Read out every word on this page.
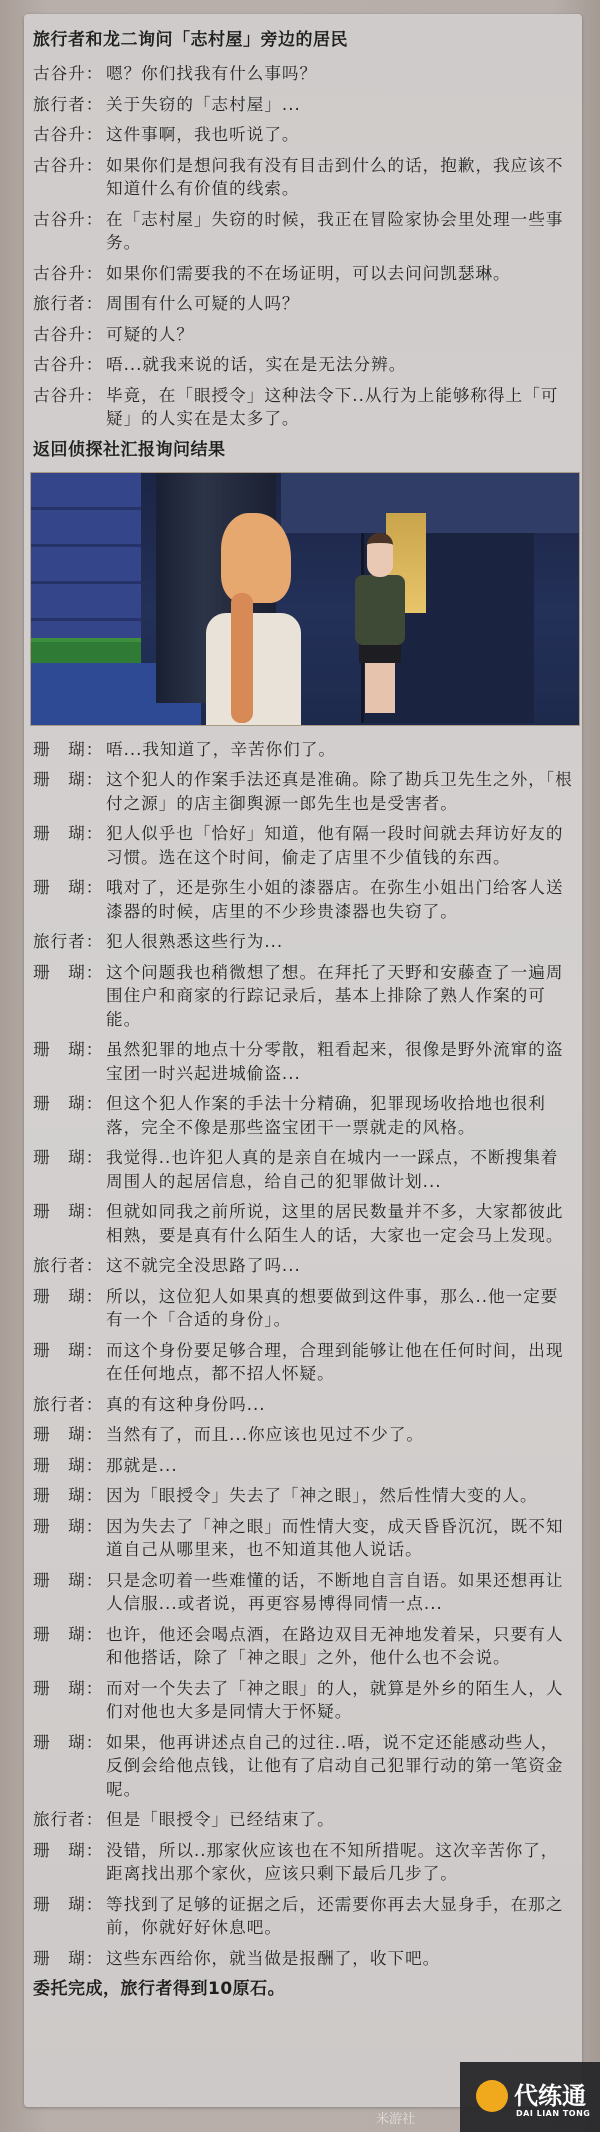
旅行者和龙二询问「志村屋」旁边的居民
古谷升： 嗯？你们找我有什么事吗？
旅行者： 关于失窃的「志村屋」...
古谷升： 这件事啊，我也听说了。
古谷升： 如果你们是想问我有没有目击到什么的话，抱歉，我应该不知道什么有价值的线索。
古谷升： 在「志村屋」失窃的时候，我正在冒险家协会里处理一些事务。
古谷升： 如果你们需要我的不在场证明，可以去问问凯瑟琳。
旅行者： 周围有什么可疑的人吗？
古谷升： 可疑的人？
古谷升： 唔...就我来说的话，实在是无法分辨。
古谷升： 毕竟，在「眼授令」这种法令下..从行为上能够称得上「可疑」的人实在是太多了。
返回侦探社汇报询问结果
珊　瑚： 唔...我知道了，辛苦你们了。
珊　瑚： 这个犯人的作案手法还真是准确。除了勘兵卫先生之外，「根付之源」的店主御舆源一郎先生也是受害者。
珊　瑚： 犯人似乎也「恰好」知道，他有隔一段时间就去拜访好友的习惯。选在这个时间，偷走了店里不少值钱的东西。
珊　瑚： 哦对了，还是弥生小姐的漆器店。在弥生小姐出门给客人送漆器的时候，店里的不少珍贵漆器也失窃了。
旅行者： 犯人很熟悉这些行为...
珊　瑚： 这个问题我也稍微想了想。在拜托了天野和安藤查了一遍周围住户和商家的行踪记录后，基本上排除了熟人作案的可能。
珊　瑚： 虽然犯罪的地点十分零散，粗看起来，很像是野外流窜的盗宝团一时兴起进城偷盗...
珊　瑚： 但这个犯人作案的手法十分精确，犯罪现场收拾地也很利落，完全不像是那些盗宝团干一票就走的风格。
珊　瑚： 我觉得..也许犯人真的是亲自在城内一一踩点，不断搜集着周围人的起居信息，给自己的犯罪做计划...
珊　瑚： 但就如同我之前所说，这里的居民数量并不多，大家都彼此相熟，要是真有什么陌生人的话，大家也一定会马上发现。
旅行者： 这不就完全没思路了吗...
珊　瑚： 所以，这位犯人如果真的想要做到这件事，那么..他一定要有一个「合适的身份」。
珊　瑚： 而这个身份要足够合理，合理到能够让他在任何时间，出现在任何地点，都不招人怀疑。
旅行者： 真的有这种身份吗...
珊　瑚： 当然有了，而且...你应该也见过不少了。
珊　瑚： 那就是...
珊　瑚： 因为「眼授令」失去了「神之眼」，然后性情大变的人。
珊　瑚： 因为失去了「神之眼」而性情大变，成天昏昏沉沉，既不知道自己从哪里来，也不知道其他人说话。
珊　瑚： 只是念叨着一些难懂的话，不断地自言自语。如果还想再让人信服...或者说，再更容易博得同情一点...
珊　瑚： 也许，他还会喝点酒，在路边双目无神地发着呆，只要有人和他搭话，除了「神之眼」之外，他什么也不会说。
珊　瑚： 而对一个失去了「神之眼」的人，就算是外乡的陌生人，人们对他也大多是同情大于怀疑。
珊　瑚： 如果，他再讲述点自己的过往..唔，说不定还能感动些人，反倒会给他点钱，让他有了启动自己犯罪行动的第一笔资金呢。
旅行者： 但是「眼授令」已经结束了。
珊　瑚： 没错，所以..那家伙应该也在不知所措呢。这次辛苦你了，距离找出那个家伙，应该只剩下最后几步了。
珊　瑚： 等找到了足够的证据之后，还需要你再去大显身手，在那之前，你就好好休息吧。
珊　瑚： 这些东西给你，就当做是报酬了，收下吧。
委托完成，旅行者得到10原石。
米游社
代练通
DAI LIAN TONG
